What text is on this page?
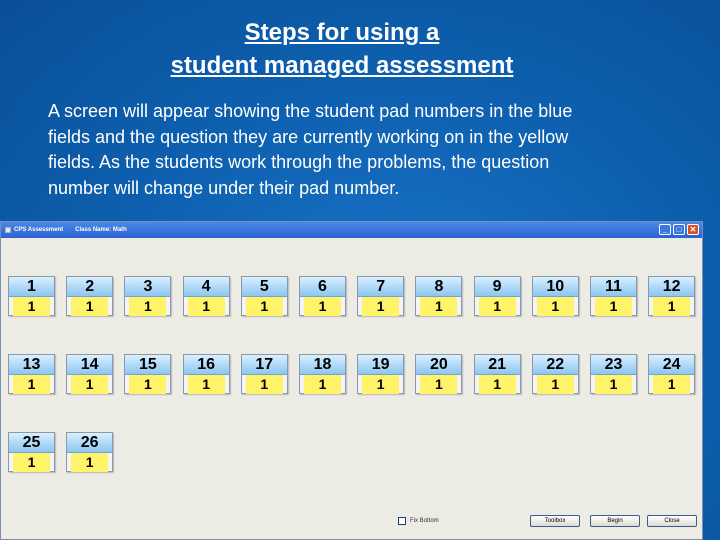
Steps for using a
student managed assessment
A screen will appear showing the student pad numbers in the blue
fields and the question they are currently working on in the yellow
fields. As the students work through the problems, the question
number will change under their pad number.
CPS Assessment Class Name: Math	_	□	✕
1
1
2
1
3
1
4
1
5
1
6
1
7
1
8
1
9
1
10
1
11
1
12
1
13
1
14
1
15
1
16
1
17
1
18
1
19
1
20
1
21
1
22
1
23
1
24
1
25
1
26
1
Fix Bottom	Toolbox	Begin	Close
